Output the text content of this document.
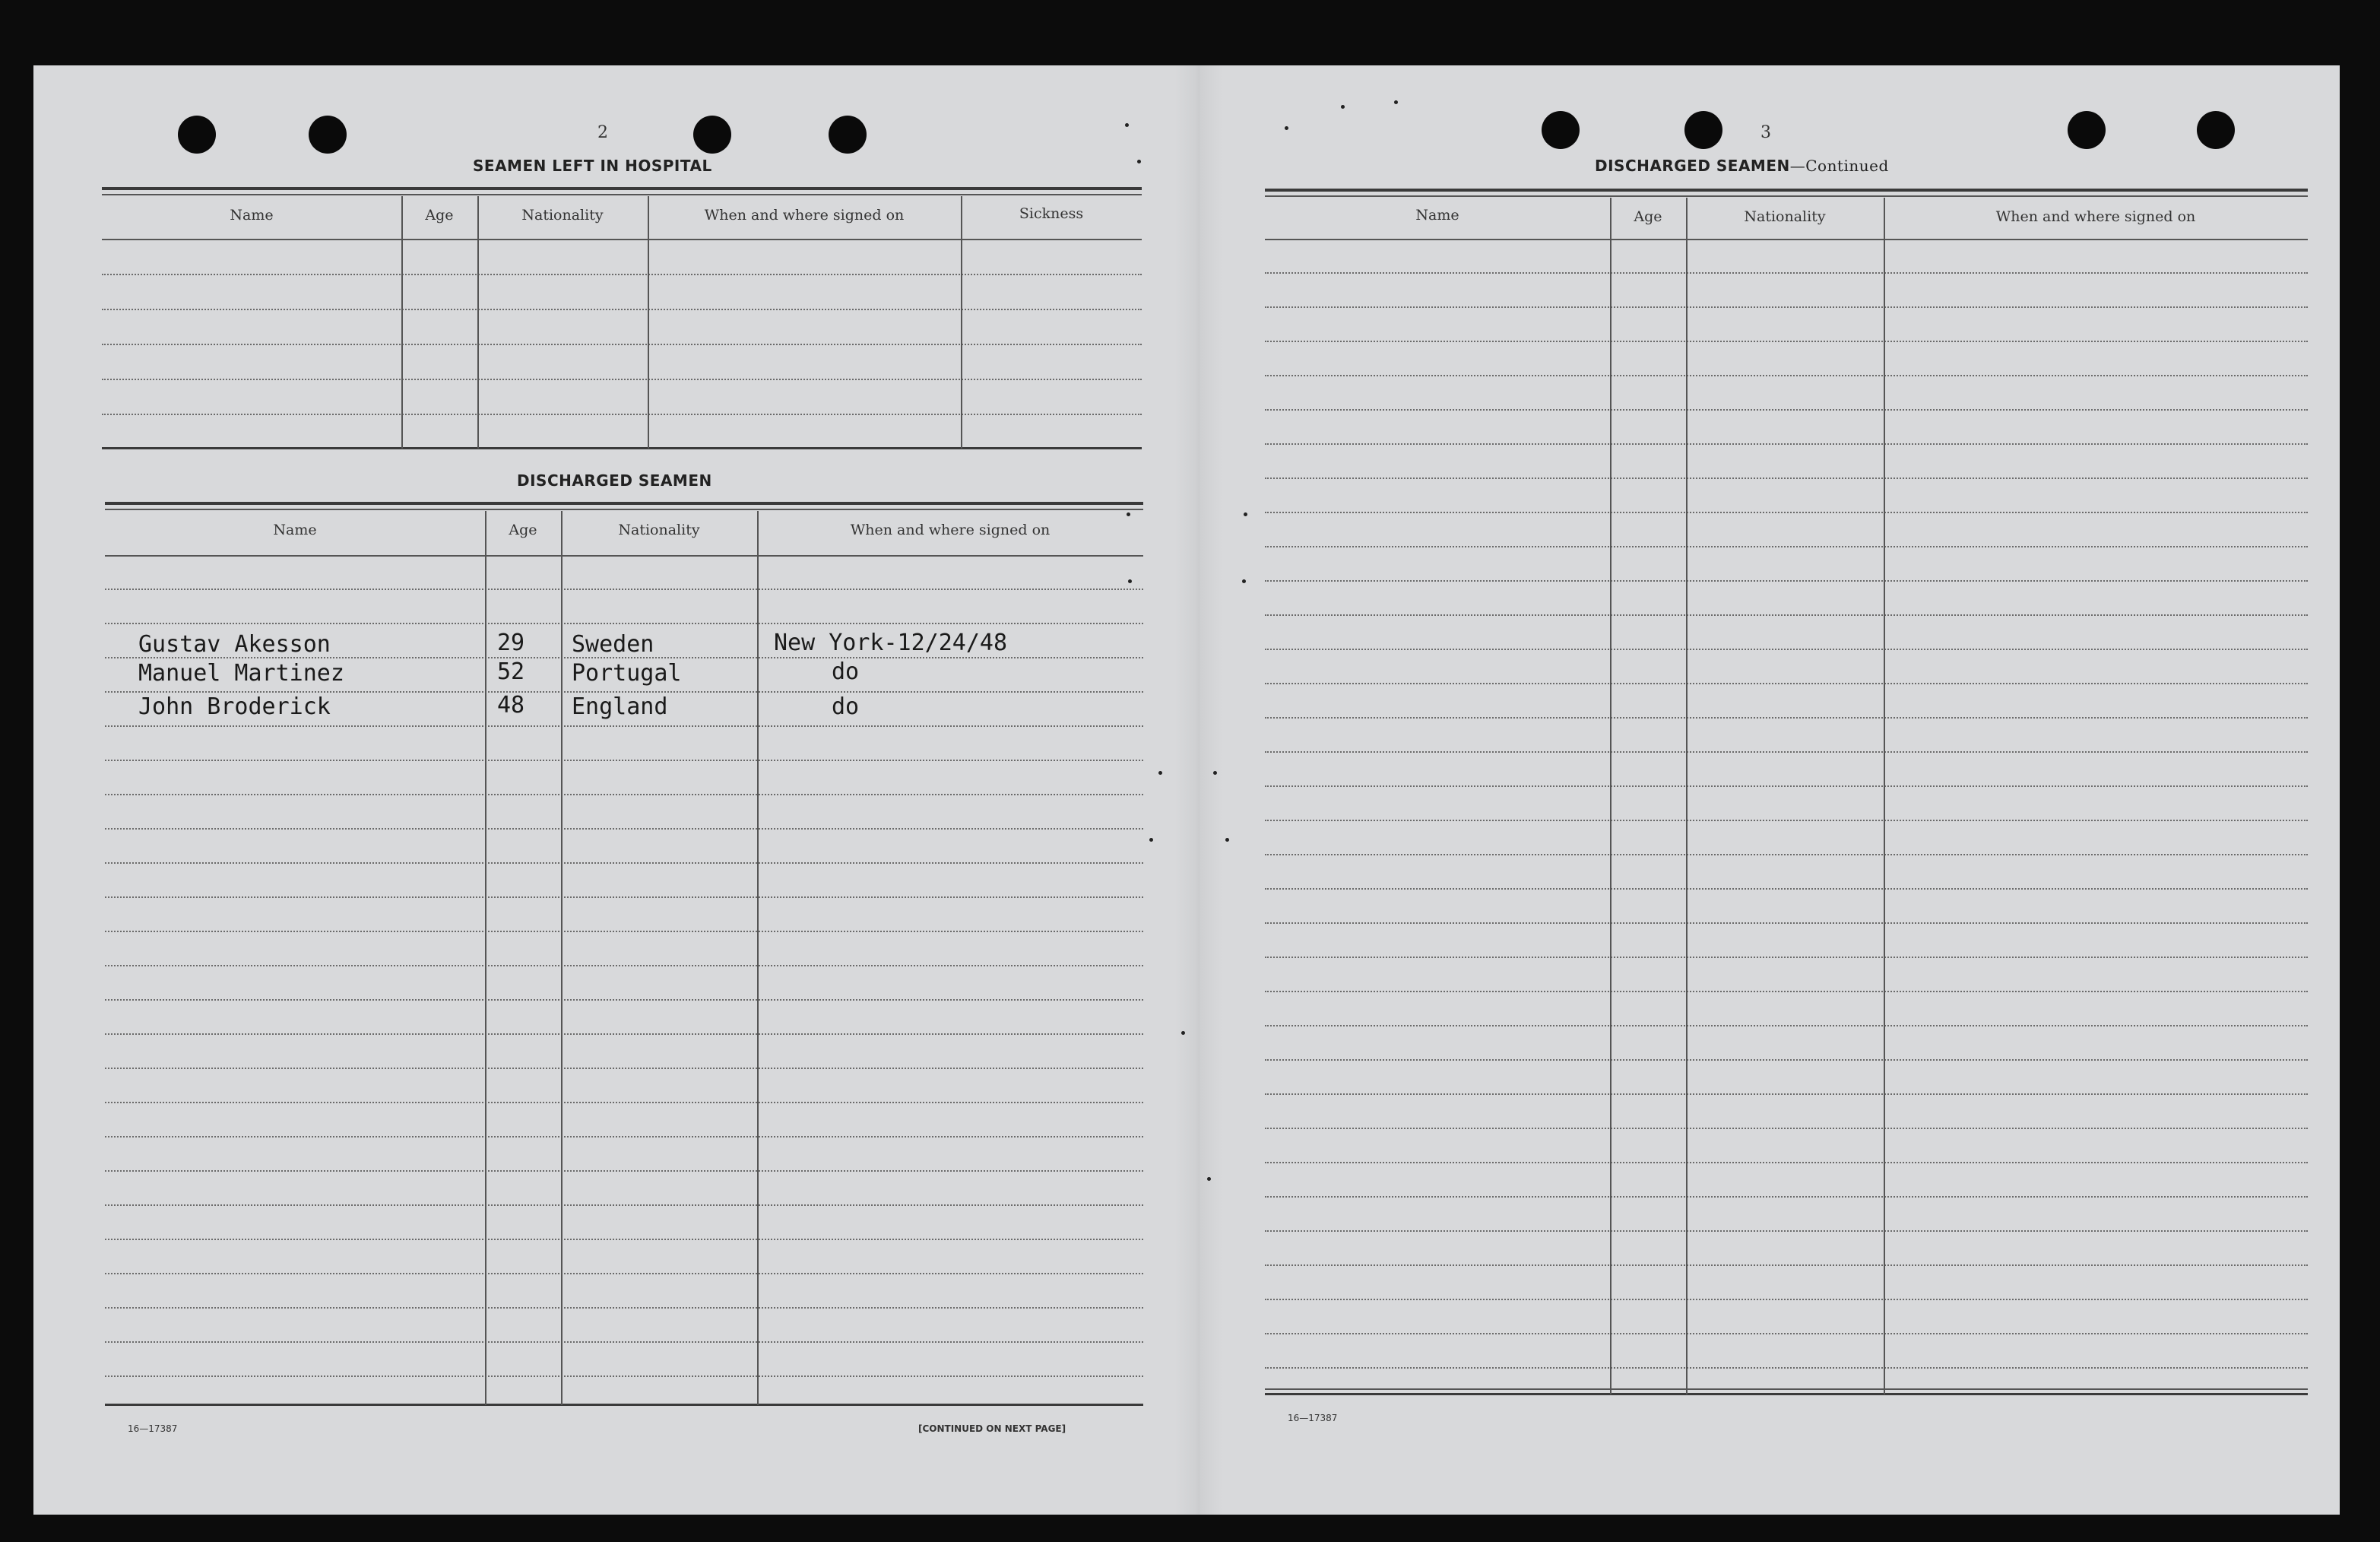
2
SEAMEN LEFT IN HOSPITAL
Name	Age	Nationality	When and where signed on	Sickness
DISCHARGED SEAMEN
Name	Age	Nationality	When and where signed on
Gustav Akesson	29 Sweden	New York-12/24/48
Manuel Martinez	52 Portugal	do
John Broderick	48 England	do
16—17387	[CONTINUED ON NEXT PAGE]
3
DISCHARGED SEAMEN—Continued
Name	Age	Nationality	When and where signed on
16—17387
